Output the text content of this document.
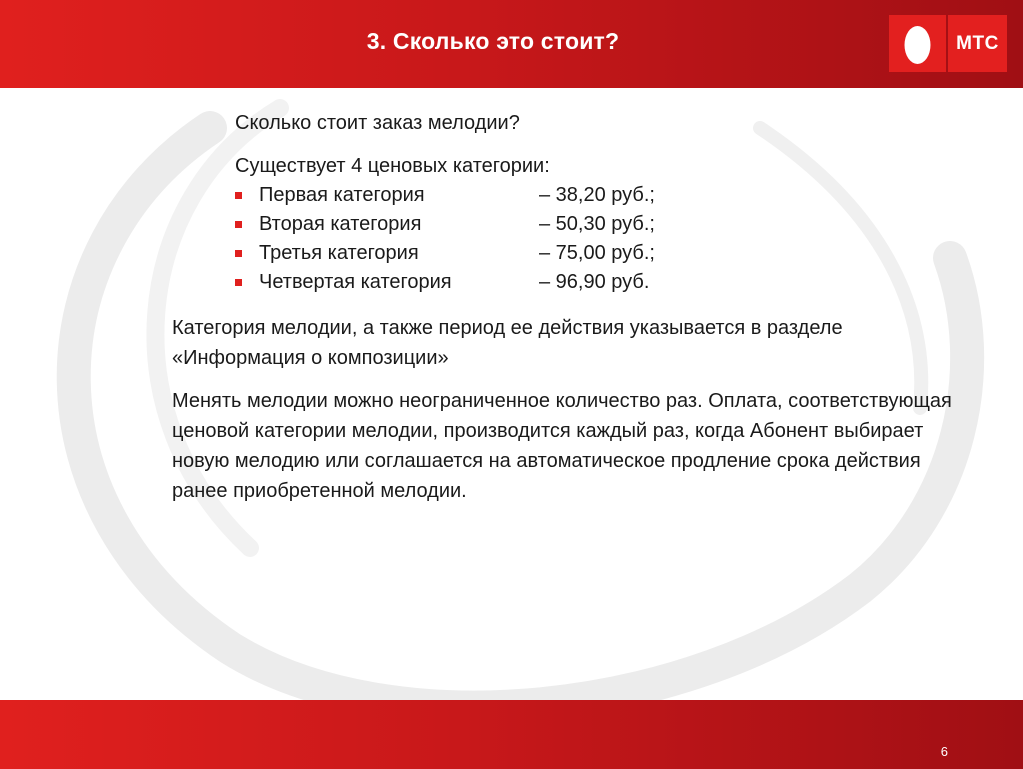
3. Сколько это стоит?	МТС
Сколько стоит заказ мелодии?
Существует 4 ценовых категории:
Первая категория	– 38,20 руб.;
Вторая категория	– 50,30 руб.;
Третья категория	– 75,00 руб.;
Четвертая категория	– 96,90 руб.
Категория мелодии, а также период ее действия указывается в разделе «Информация о композиции»
Менять мелодии можно неограниченное количество раз. Оплата, соответствующая ценовой категории мелодии, производится каждый раз, когда Абонент выбирает новую мелодию или соглашается на автоматическое продление срока действия ранее приобретенной мелодии.
6
